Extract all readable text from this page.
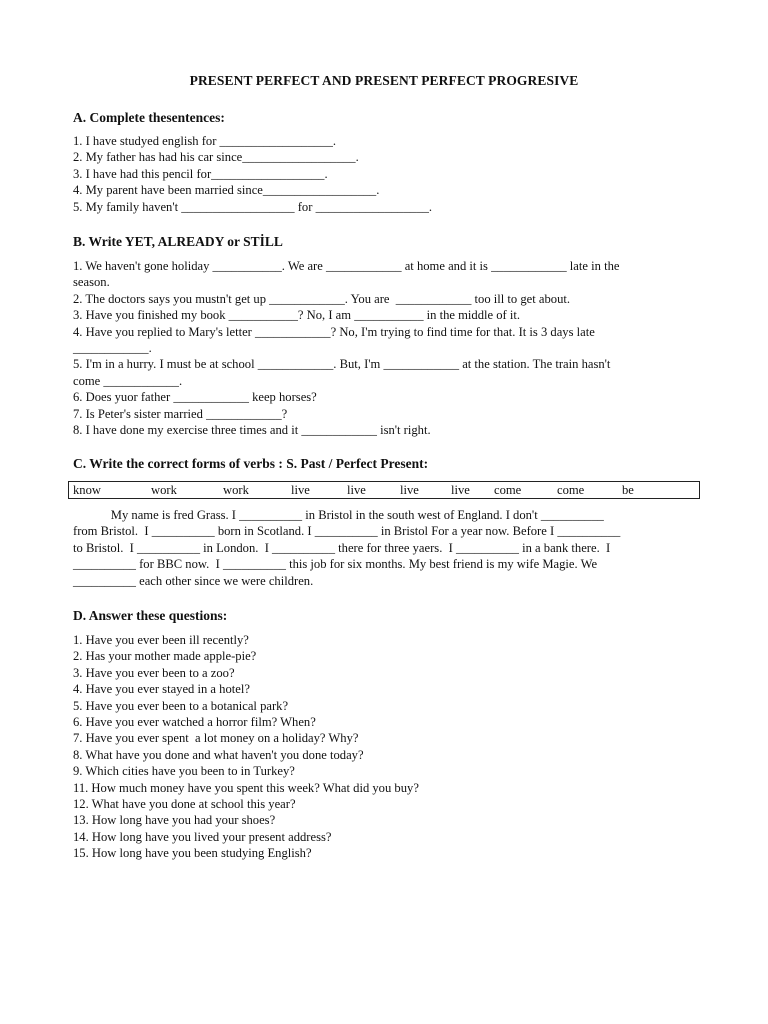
PRESENT PERFECT AND PRESENT PERFECT PROGRESIVE
A. Complete thesentences:
1. I have studyed english for __________________.
2. My father has had his car since__________________.
3. I have had this pencil for__________________.
4. My parent have been married since__________________.
5. My family haven't __________________ for __________________.
B. Write YET, ALREADY or STİLL
1. We haven't gone holiday ___________. We are ____________ at home and it is ____________ late in the
season.
2. The doctors says you mustn't get up ____________. You are  ____________ too ill to get about.
3. Have you finished my book ___________? No, I am ___________ in the middle of it.
4. Have you replied to Mary's letter ____________? No, I'm trying to find time for that. It is 3 days late
____________.
5. I'm in a hurry. I must be at school ____________. But, I'm ____________ at the station. The train hasn't
come ____________.
6. Does yuor father ____________ keep horses?
7. Is Peter's sister married ____________?
8. I have done my exercise three times and it ____________ isn't right.
C. Write the correct forms of verbs : S. Past / Perfect Present:
know	work	work	live	live	live	live come	come	be
My name is fred Grass. I __________ in Bristol in the south west of England. I don't __________
from Bristol.  I __________ born in Scotland. I __________ in Bristol For a year now. Before I __________
to Bristol.  I __________ in London.  I __________ there for three yaers.  I __________ in a bank there.  I
__________ for BBC now.  I __________ this job for six months. My best friend is my wife Magie. We
__________ each other since we were children.
D. Answer these questions:
1. Have you ever been ill recently?
2. Has your mother made apple-pie?
3. Have you ever been to a zoo?
4. Have you ever stayed in a hotel?
5. Have you ever been to a botanical park?
6. Have you ever watched a horror film? When?
7. Have you ever spent  a lot money on a holiday? Why?
8. What have you done and what haven't you done today?
9. Which cities have you been to in Turkey?
11. How much money have you spent this week? What did you buy?
12. What have you done at school this year?
13. How long have you had your shoes?
14. How long have you lived your present address?
15. How long have you been studying English?
